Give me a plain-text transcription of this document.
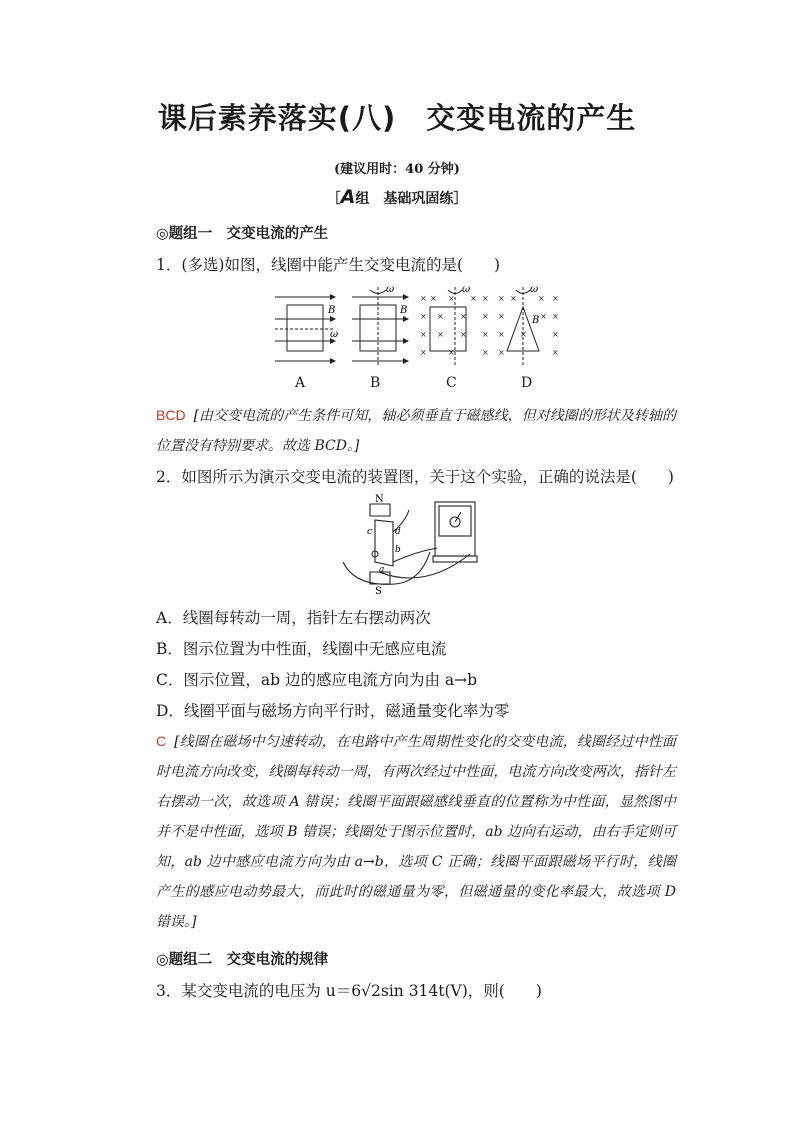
课后素养落实(八)　交变电流的产生
(建议用时：40 分钟)
［A组　基础巩固练］
◎题组一　交变电流的产生
1．(多选)如图，线圈中能产生交变电流的是(　　)
B
ω
ω
B
× × × × ×
× × × ×
× × × ×
×	×	×
ω
× ×	× ×
×	× ×
× ×	×
×	×
ω
B
A	B	C	D
BCD [由交变电流的产生条件可知，轴必须垂直于磁感线，但对线圈的形状及转轴的位置没有特别要求。故选 BCD。]
2．如图所示为演示交变电流的装置图，关于这个实验，正确的说法是(　　)
N
S
c	d
b
a
A．线圈每转动一周，指针左右摆动两次
B．图示位置为中性面，线圈中无感应电流
C．图示位置，ab 边的感应电流方向为由 a→b
D．线圈平面与磁场方向平行时，磁通量变化率为零
C [线圈在磁场中匀速转动，在电路中产生周期性变化的交变电流，线圈经过中性面时电流方向改变，线圈每转动一周，有两次经过中性面，电流方向改变两次，指针左右摆动一次，故选项 A 错误；线圈平面跟磁感线垂直的位置称为中性面，显然图中并不是中性面，选项 B 错误；线圈处于图示位置时，ab 边向右运动，由右手定则可知，ab 边中感应电流方向为由 a→b，选项 C 正确；线圈平面跟磁场平行时，线圈产生的感应电动势最大，而此时的磁通量为零，但磁通量的变化率最大，故选项 D 错误。]
◎题组二　交变电流的规律
3．某交变电流的电压为 u＝6√2sin 314t(V)，则(　　)
